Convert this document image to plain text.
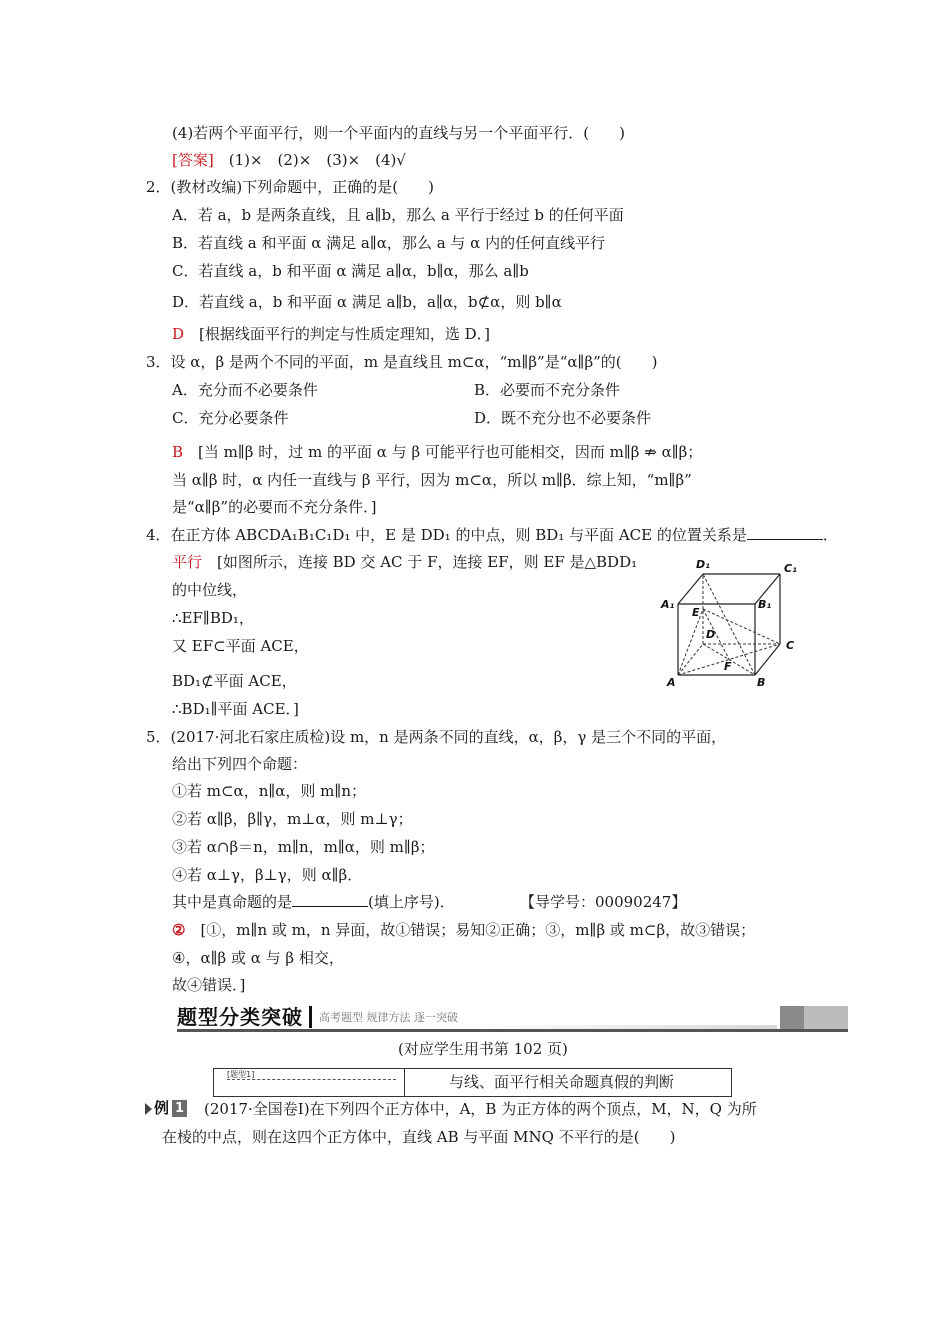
(4)若两个平面平行，则一个平面内的直线与另一个平面平行．(　　)
[答案]　(1)×　(2)×　(3)×　(4)√
2．(教材改编)下列命题中，正确的是(　　)
A．若 a，b 是两条直线，且 a∥b，那么 a 平行于经过 b 的任何平面
B．若直线 a 和平面 α 满足 a∥α，那么 a 与 α 内的任何直线平行
C．若直线 a，b 和平面 α 满足 a∥α，b∥α，那么 a∥b
D．若直线 a，b 和平面 α 满足 a∥b，a∥α，b⊄α，则 b∥α
D　[根据线面平行的判定与性质定理知，选 D．]
3．设 α，β 是两个不同的平面，m 是直线且 m⊂α，“m∥β”是“α∥β”的(　　)
A．充分而不必要条件	B．必要而不充分条件
C．充分必要条件	D．既不充分也不必要条件
B　[当 m∥β 时，过 m 的平面 α 与 β 可能平行也可能相交，因而 m∥β ⇏ α∥β；
当 α∥β 时，α 内任一直线与 β 平行，因为 m⊂α，所以 m∥β．综上知，“m∥β”
是“α∥β”的必要而不充分条件．]
4．在正方体 ABCDA₁B₁C₁D₁ 中，E 是 DD₁ 的中点，则 BD₁ 与平面 ACE 的位置关系是	．
平行　[如图所示，连接 BD 交 AC 于 F，连接 EF，则 EF 是△BDD₁
的中位线，
∴EF∥BD₁，
又 EF⊂平面 ACE，
BD₁⊄平面 ACE，
∴BD₁∥平面 ACE．]
D₁	C₁
A₁	B₁
E
D
C
F
A	B
5．(2017·河北石家庄质检)设 m，n 是两条不同的直线，α，β，γ 是三个不同的平面，
给出下列四个命题：
①若 m⊂α，n∥α，则 m∥n；
②若 α∥β，β∥γ，m⊥α，则 m⊥γ；
③若 α∩β＝n，m∥n，m∥α，则 m∥β；
④若 α⊥γ，β⊥γ，则 α∥β．
其中是真命题的是	(填上序号)．	【导学号：00090247】
②　[①，m∥n 或 m，n 异面，故①错误；易知②正确；③，m∥β 或 m⊂β，故③错误；
④，α∥β 或 α 与 β 相交，
故④错误．]
题型分类突破 高考题型 规律方法 逐一突破
(对应学生用书第 102 页)
[题型1]	与线、面平行相关命题真假的判断
例 1 (2017·全国卷Ⅰ)在下列四个正方体中，A，B 为正方体的两个顶点，M，N，Q 为所
在棱的中点，则在这四个正方体中，直线 AB 与平面 MNQ 不平行的是(　　)
